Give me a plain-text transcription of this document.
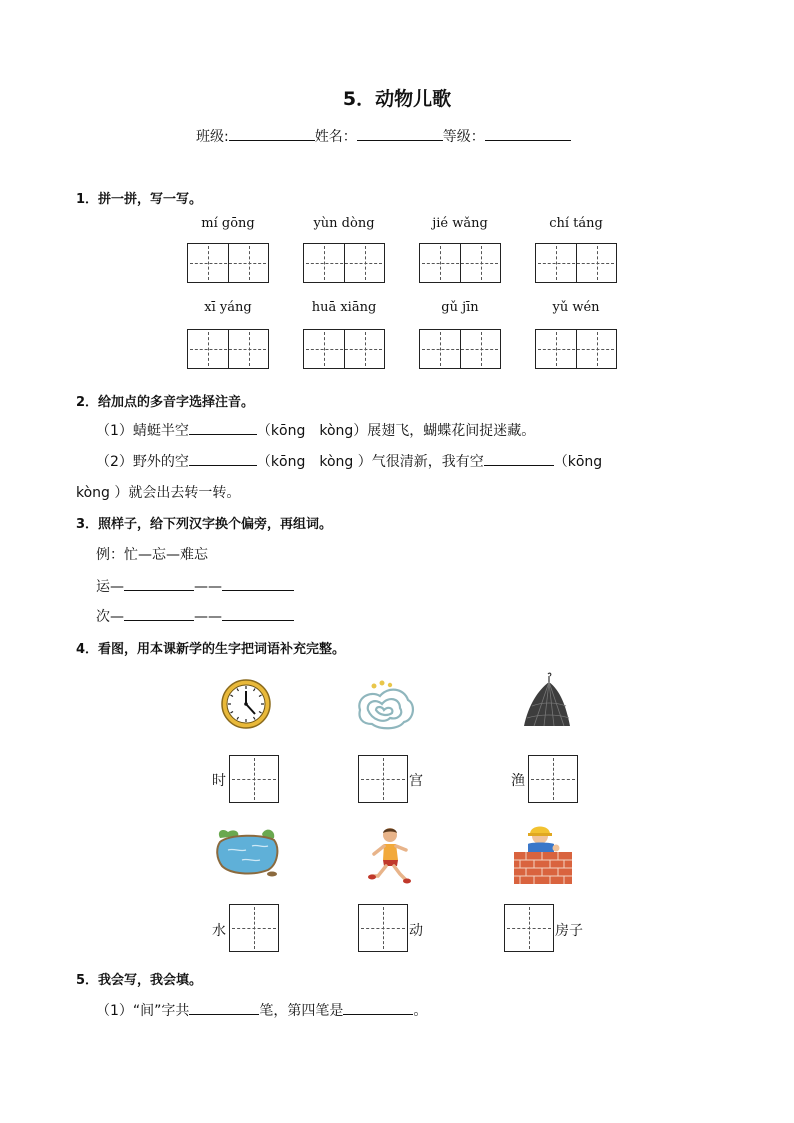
5．动物儿歌
班级:	姓名：	等级：
1．拼一拼，写一写。
mí gōng	yùn dòng	jié wǎng	chí táng
xī yáng	huā xiāng	gǔ jīn	yǔ wén
2．给加点的多音字选择注音。
（1）蜻蜓半空	（kōng　kòng）展翅飞，蝴蝶花间捉迷藏。
（2）野外的空	（kōng　kòng ）气很清新，我有空	（kōng
kòng ）就会出去转一转。
3．照样子，给下列汉字换个偏旁，再组词。
例：忙—忘—难忘
运—	——
次—	——
4．看图，用本课新学的生字把词语补充完整。
时	宫	渔
水	动	房子
5．我会写，我会填。
（1）“间”字共	笔，第四笔是	。
